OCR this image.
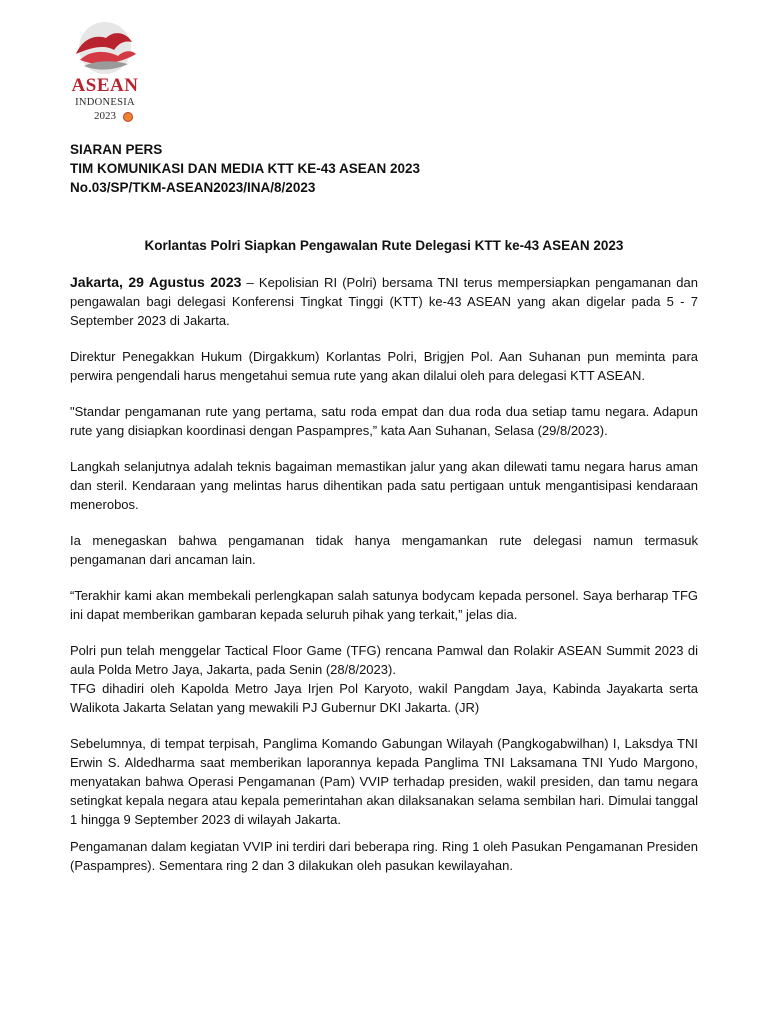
ASEAN
INDONESIA
2023
SIARAN PERS
TIM KOMUNIKASI DAN MEDIA KTT KE-43 ASEAN 2023
No.03/SP/TKM-ASEAN2023/INA/8/2023
Korlantas Polri Siapkan Pengawalan Rute Delegasi KTT ke-43 ASEAN 2023

Jakarta, 29 Agustus 2023 – Kepolisian RI (Polri) bersama TNI terus mempersiapkan pengamanan dan pengawalan bagi delegasi Konferensi Tingkat Tinggi (KTT) ke-43 ASEAN yang akan digelar pada 5 - 7 September 2023 di Jakarta.

Direktur Penegakkan Hukum (Dirgakkum) Korlantas Polri, Brigjen Pol. Aan Suhanan pun meminta para perwira pengendali harus mengetahui semua rute yang akan dilalui oleh para delegasi KTT ASEAN.

"Standar pengamanan rute yang pertama, satu roda empat dan dua roda dua setiap tamu negara. Adapun rute yang disiapkan koordinasi dengan Paspampres,” kata Aan Suhanan, Selasa (29/8/2023).

Langkah selanjutnya adalah teknis bagaiman memastikan jalur yang akan dilewati tamu negara harus aman dan steril. Kendaraan yang melintas harus dihentikan pada satu pertigaan untuk mengantisipasi kendaraan menerobos.

Ia menegaskan bahwa pengamanan tidak hanya mengamankan rute delegasi namun termasuk pengamanan dari ancaman lain.

“Terakhir kami akan membekali perlengkapan salah satunya bodycam kepada personel. Saya berharap TFG ini dapat memberikan gambaran kepada seluruh pihak yang terkait,” jelas dia.

Polri pun telah menggelar Tactical Floor Game (TFG) rencana Pamwal dan Rolakir ASEAN Summit 2023 di aula Polda Metro Jaya, Jakarta, pada Senin (28/8/2023).

TFG dihadiri oleh Kapolda Metro Jaya Irjen Pol Karyoto, wakil Pangdam Jaya, Kabinda Jayakarta serta Walikota Jakarta Selatan yang mewakili PJ Gubernur DKI Jakarta. (JR)

Sebelumnya, di tempat terpisah, Panglima Komando Gabungan Wilayah (Pangkogabwilhan) I, Laksdya TNI Erwin S. Aldedharma saat memberikan laporannya kepada Panglima TNI Laksamana TNI Yudo Margono, menyatakan bahwa Operasi Pengamanan (Pam) VVIP terhadap presiden, wakil presiden, dan tamu negara setingkat kepala negara atau kepala pemerintahan akan dilaksanakan selama sembilan hari. Dimulai tanggal 1 hingga 9 September 2023 di wilayah Jakarta.

Pengamanan dalam kegiatan VVIP ini terdiri dari beberapa ring. Ring 1 oleh Pasukan Pengamanan Presiden (Paspampres). Sementara ring 2 dan 3 dilakukan oleh pasukan kewilayahan.
